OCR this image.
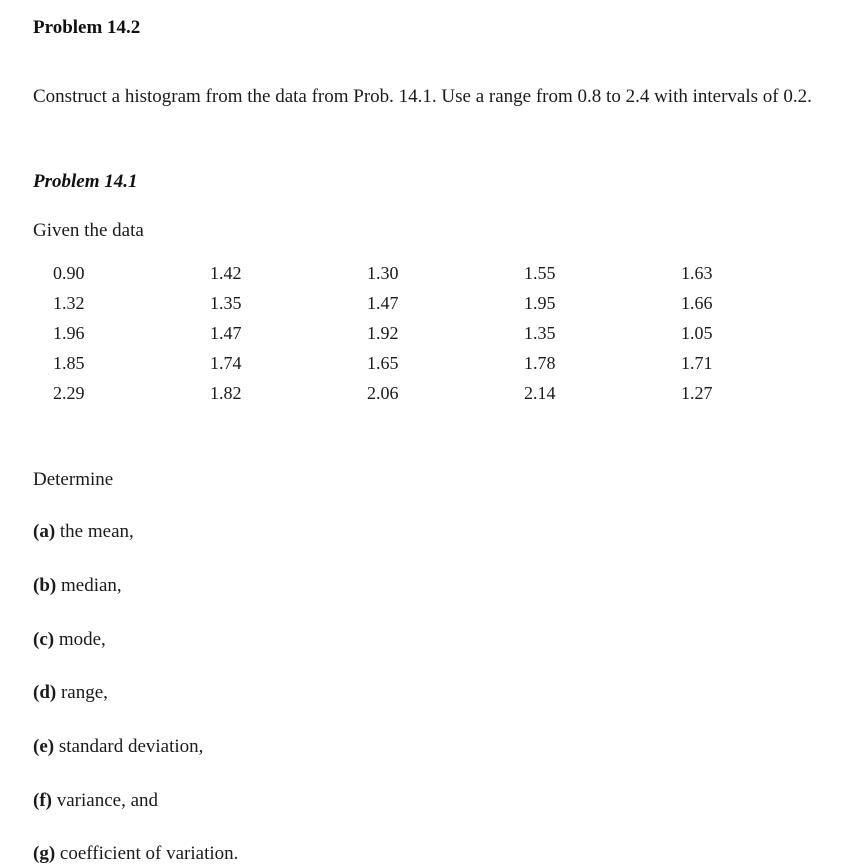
Problem 14.2
Construct a histogram from the data from Prob. 14.1. Use a range from 0.8 to 2.4 with intervals of 0.2.
Problem 14.1
Given the data
0.90	1.42	1.30	1.55	1.63
1.32	1.35	1.47	1.95	1.66
1.96	1.47	1.92	1.35	1.05
1.85	1.74	1.65	1.78	1.71
2.29	1.82	2.06	2.14	1.27
Determine
(a) the mean,
(b) median,
(c) mode,
(d) range,
(e) standard deviation,
(f) variance, and
(g) coefficient of variation.
